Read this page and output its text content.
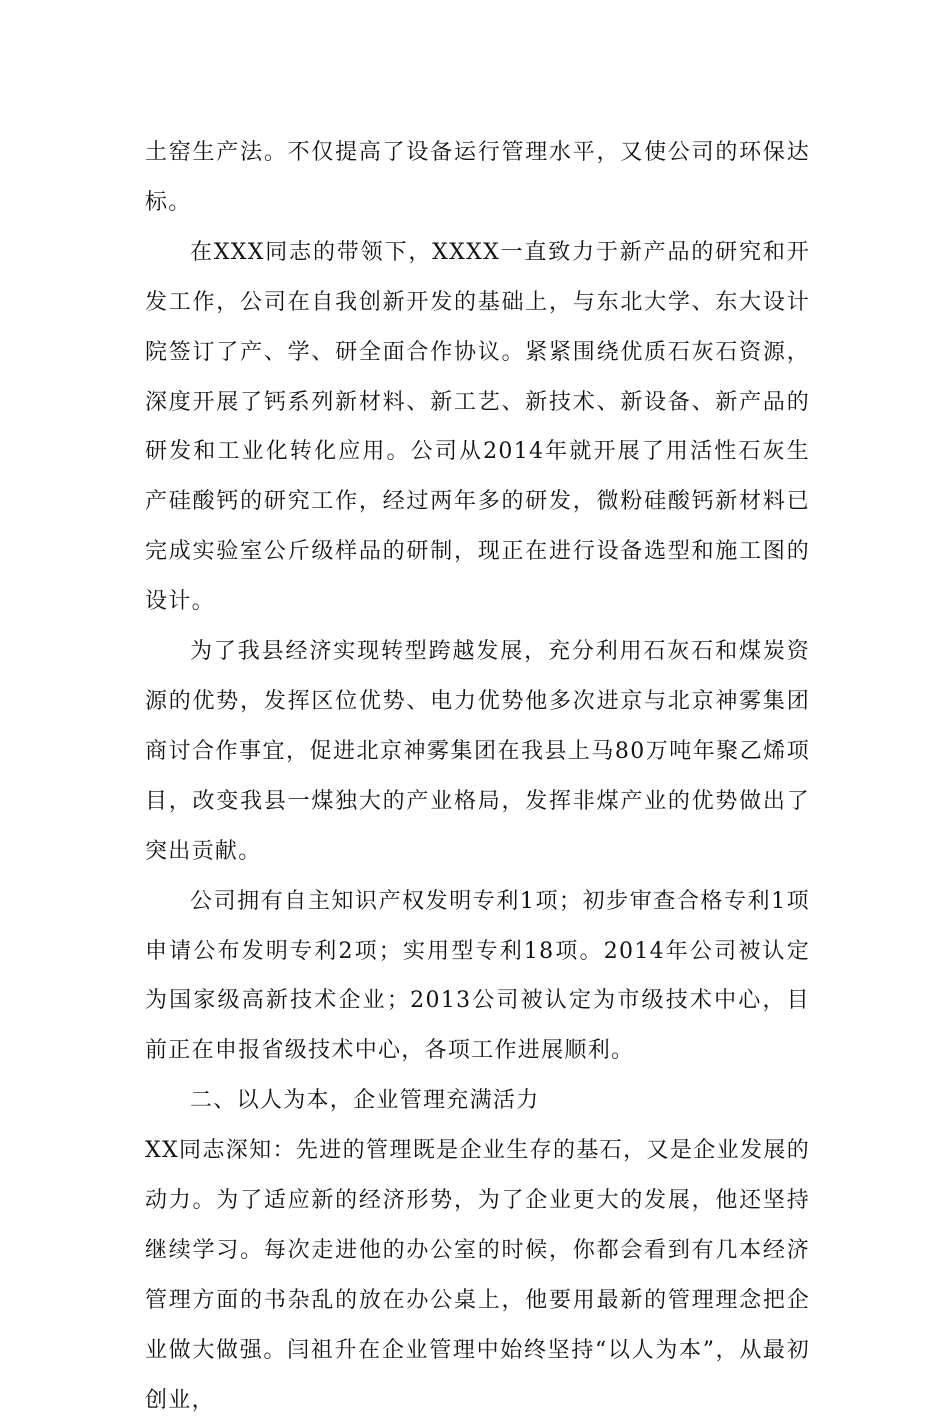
土窑生产法。不仅提高了设备运行管理水平，又使公司的环保达标。

在XXX同志的带领下，XXXX一直致力于新产品的研究和开发工作，公司在自我创新开发的基础上，与东北大学、东大设计院签订了产、学、研全面合作协议。紧紧围绕优质石灰石资源，深度开展了钙系列新材料、新工艺、新技术、新设备、新产品的研发和工业化转化应用。公司从2014年就开展了用活性石灰生产硅酸钙的研究工作，经过两年多的研发，微粉硅酸钙新材料已完成实验室公斤级样品的研制，现正在进行设备选型和施工图的设计。

为了我县经济实现转型跨越发展，充分利用石灰石和煤炭资源的优势，发挥区位优势、电力优势他多次进京与北京神雾集团商讨合作事宜，促进北京神雾集团在我县上马80万吨年聚乙烯项目，改变我县一煤独大的产业格局，发挥非煤产业的优势做出了突出贡献。

公司拥有自主知识产权发明专利1项；初步审查合格专利1项申请公布发明专利2项；实用型专利18项。2014年公司被认定为国家级高新技术企业；2013公司被认定为市级技术中心，目前正在申报省级技术中心，各项工作进展顺利。

二、以人为本，企业管理充满活力

XX同志深知：先进的管理既是企业生存的基石，又是企业发展的动力。为了适应新的经济形势，为了企业更大的发展，他还坚持继续学习。每次走进他的办公室的时候，你都会看到有几本经济管理方面的书杂乱的放在办公桌上，他要用最新的管理理念把企业做大做强。闫祖升在企业管理中始终坚持“以人为本”，从最初创业，
